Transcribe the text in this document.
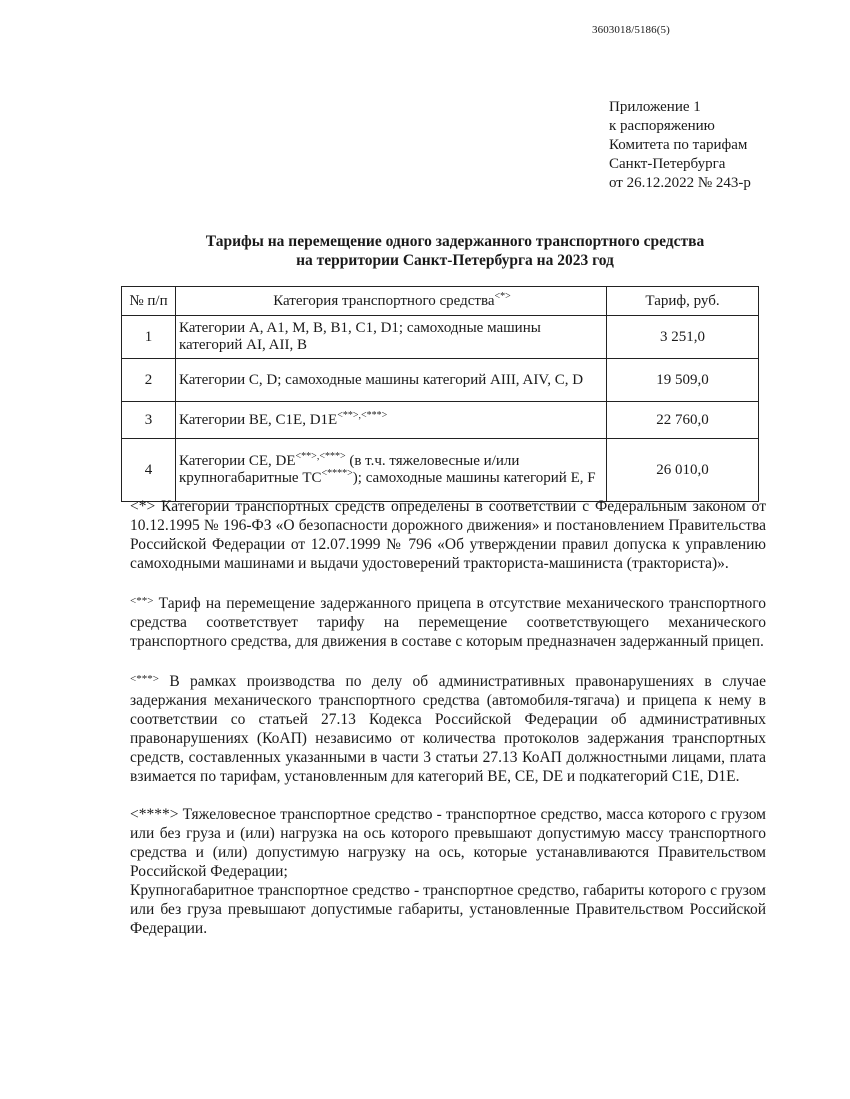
3603018/5186(5)
Приложение 1
к распоряжению
Комитета по тарифам
Санкт-Петербурга
от 26.12.2022 № 243-р
Тарифы на перемещение одного задержанного транспортного средства
на территории Санкт-Петербурга на 2023 год
№ п/п	Категория транспортного средства<*>	Тариф, руб.
1	Категории A, A1, M, B, B1, C1, D1; самоходные машины категорий AI, AII, B	3 251,0
2	Категории C, D; самоходные машины категорий AIII, AIV, C, D	19 509,0
3	Категории BE, C1E, D1E<**>,<***>	22 760,0
4	Категории CE, DE<**>,<***> (в т.ч. тяжеловесные и/или крупногабаритные ТС<****>); самоходные машины категорий E, F	26 010,0

<*> Категории транспортных средств определены в соответствии с Федеральным законом от 10.12.1995 № 196-ФЗ «О безопасности дорожного движения» и постановлением Правительства Российской Федерации от 12.07.1999 № 796 «Об утверждении правил допуска к управлению самоходными машинами и выдачи удостоверений тракториста-машиниста (тракториста)».

<**> Тариф на перемещение задержанного прицепа в отсутствие механического транспортного средства соответствует тарифу на перемещение соответствующего механического транспортного средства, для движения в составе с которым предназначен задержанный прицеп.

<***> В рамках производства по делу об административных правонарушениях в случае задержания механического транспортного средства (автомобиля-тягача) и прицепа к нему в соответствии со статьей 27.13 Кодекса Российской Федерации об административных правонарушениях (КоАП) независимо от количества протоколов задержания транспортных средств, составленных указанными в части 3 статьи 27.13 КоАП должностными лицами, плата взимается по тарифам, установленным для категорий BE, CE, DE и подкатегорий C1E, D1E.

<****> Тяжеловесное транспортное средство - транспортное средство, масса которого с грузом или без груза и (или) нагрузка на ось которого превышают допустимую массу транспортного средства и (или) допустимую нагрузку на ось, которые устанавливаются Правительством Российской Федерации;

Крупногабаритное транспортное средство - транспортное средство, габариты которого с грузом или без груза превышают допустимые габариты, установленные Правительством Российской Федерации.
